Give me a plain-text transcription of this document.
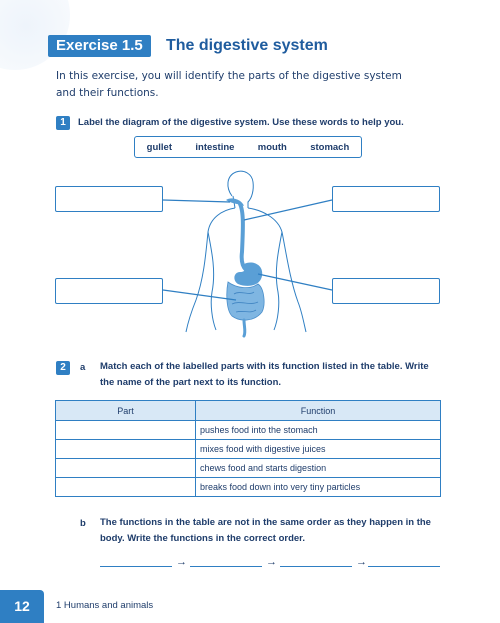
Exercise 1.5	The digestive system
In this exercise, you will identify the parts of the digestive system and their functions.
1	Label the diagram of the digestive system. Use these words to help you.
gullet intestine mouth stomach
2	a Match each of the labelled parts with its function listed in the table. Write
the name of the part next to its function.
Part	Function
	pushes food into the stomach
	mixes food with digestive juices
	chews food and starts digestion
	breaks food down into very tiny particles
b The functions in the table are not in the same order as they happen in the
body. Write the functions in the correct order.
→	→	→
12	1 Humans and animals
